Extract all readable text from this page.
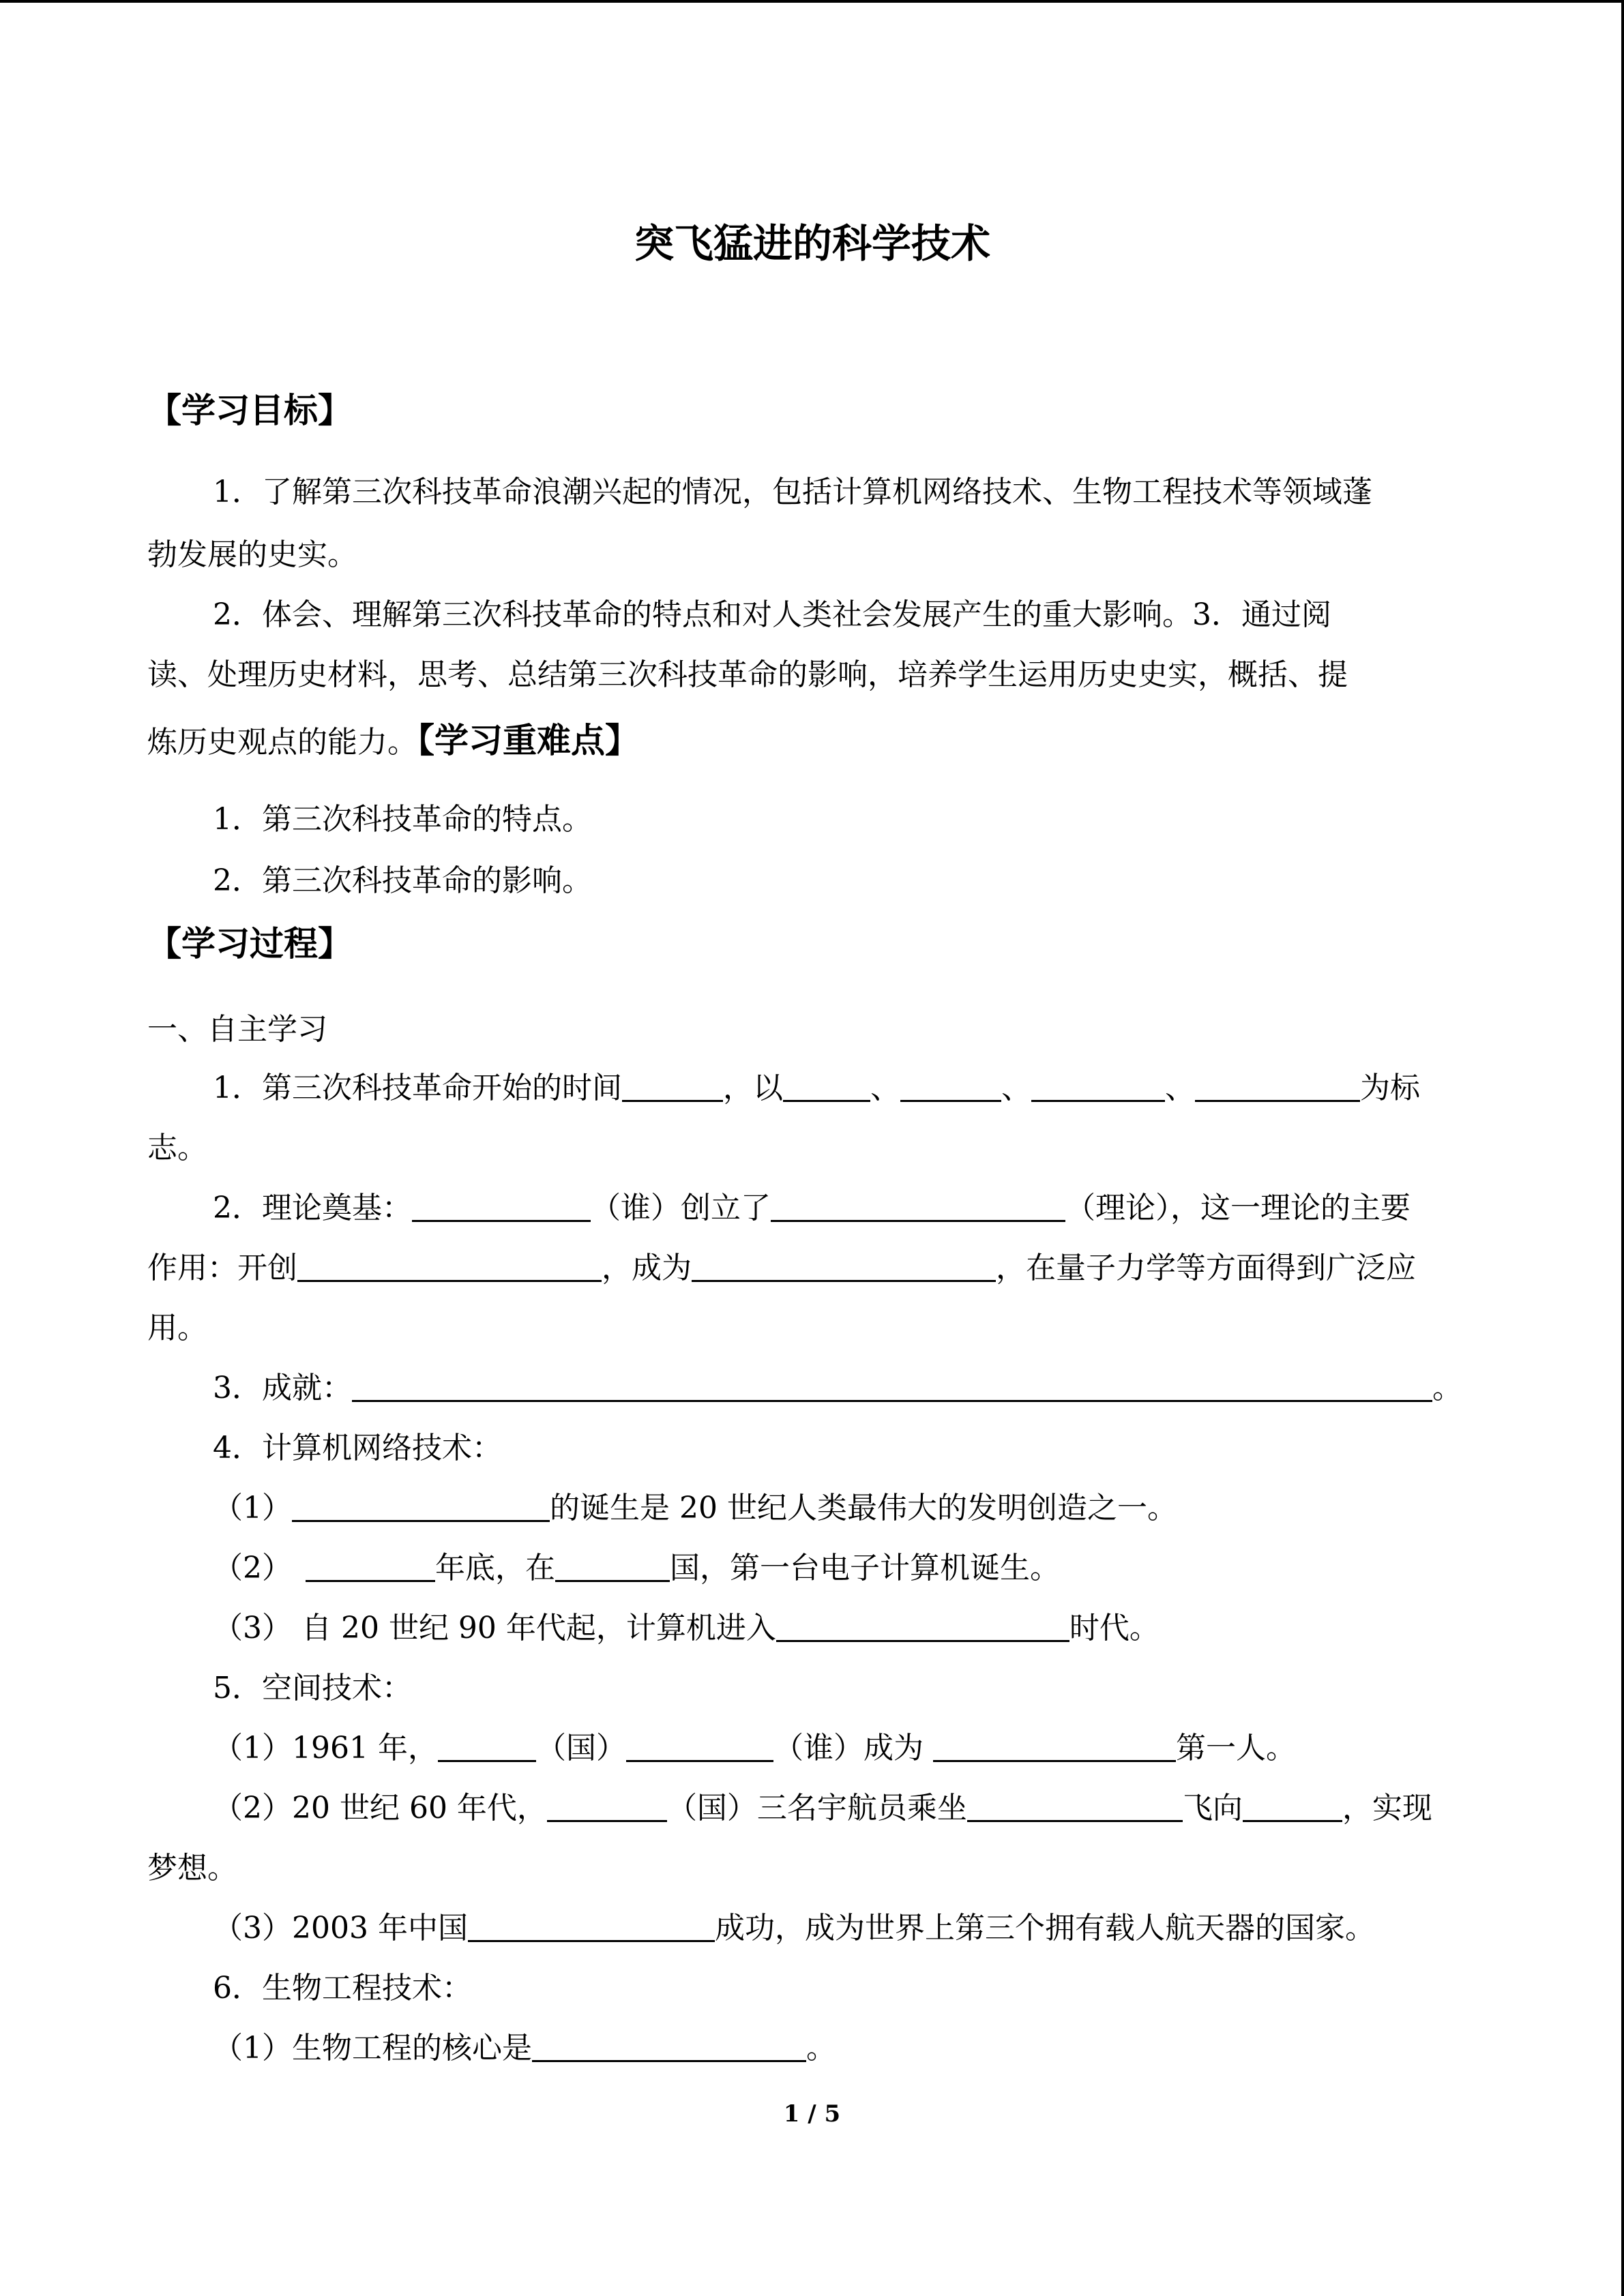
突飞猛进的科学技术
【学习目标】
1．了解第三次科技革命浪潮兴起的情况，包括计算机网络技术、生物工程技术等领域蓬
勃发展的史实。
2．体会、理解第三次科技革命的特点和对人类社会发展产生的重大影响。3．通过阅
读、处理历史材料，思考、总结第三次科技革命的影响，培养学生运用历史史实，概括、提
炼历史观点的能力。【学习重难点】
1．第三次科技革命的特点。
2．第三次科技革命的影响。
【学习过程】
一、自主学习
1．第三次科技革命开始的时间	，以	、	、	、	为标
志。
2．理论奠基：	（谁）创立了	（理论），这一理论的主要
作用：开创	，成为	，在量子力学等方面得到广泛应
用。
3．成就：	。
4．计算机网络技术：
（1）	的诞生是 20 世纪人类最伟大的发明创造之一。
（2）	年底，在	国，第一台电子计算机诞生。
（3） 自 20 世纪 90 年代起，计算机进入	时代。
5．空间技术：
（1）1961 年，	（国）	（谁）成为	第一人。
（2）20 世纪 60 年代，	（国）三名宇航员乘坐	飞向	，实现
梦想。
（3）2003 年中国	成功，成为世界上第三个拥有载人航天器的国家。
6．生物工程技术：
（1）生物工程的核心是	。
1 / 5
